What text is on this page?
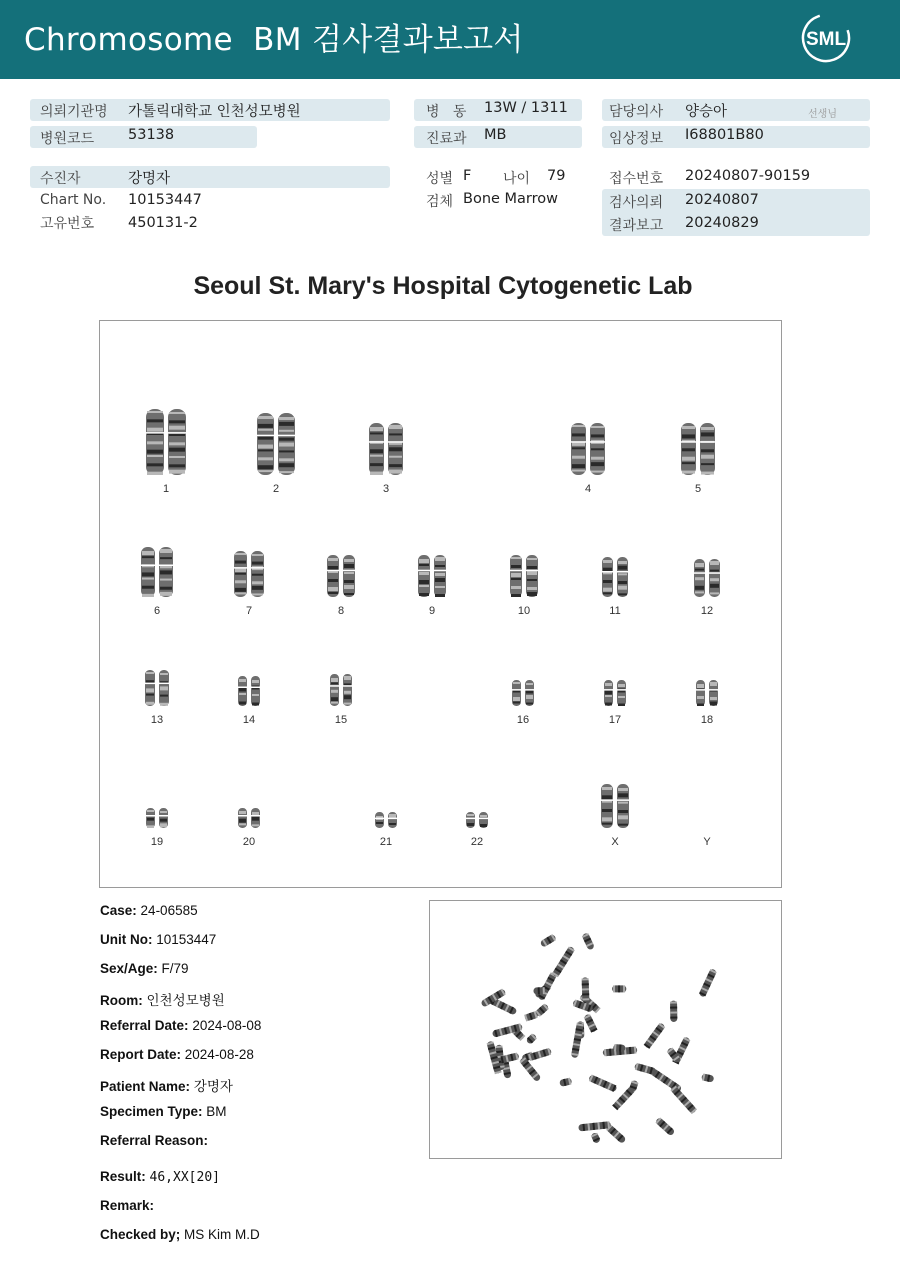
Chromosome  BM 검사결과보고서	SML
의뢰기관명 가톨릭대학교 인천성모병원
병원코드 53138
병   동 13W / 1311
진료과 MB
담당의사 양승아	선생님
임상정보 I68801B80
수진자	강명자
Chart No. 10153447
고유번호 450131-2
성별 F 나이 79
검체 Bone Marrow
접수번호 20240807-90159
검사의뢰 20240807
결과보고 20240829
Seoul St. Mary's Hospital Cytogenetic Lab
1	2	3	4	5
6	7	8	9	10	11	12
13	14	15	16	17	18
19	20	21	22	X	Y
Case: 24-06585
Unit No: 10153447
Sex/Age: F/79
Room: 인천성모병원
Referral Date: 2024-08-08
Report Date: 2024-08-28
Patient Name: 강명자
Specimen Type: BM
Referral Reason:
Result: 46,XX[20]
Remark:
Checked by; MS Kim M.D
